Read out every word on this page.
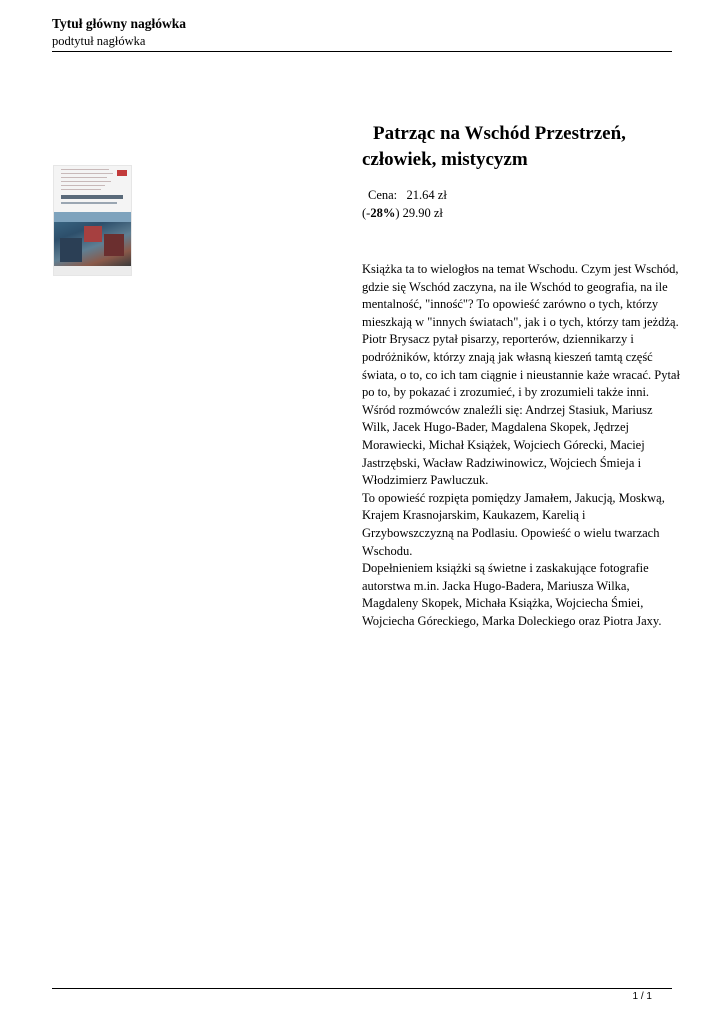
Tytuł główny nagłówka
podtytuł nagłówka
Patrząc na Wschód Przestrzeń,
człowiek, mistycyzm
Cena: 21.64 zł
(-28%) 29.90 zł

Książka ta to wielogłos na temat Wschodu. Czym jest Wschód, gdzie się Wschód zaczyna, na ile Wschód to geografia, na ile mentalność, "inność"? To opowieść zarówno o tych, którzy mieszkają w "innych światach", jak i o tych, którzy tam jeżdżą.

Piotr Brysacz pytał pisarzy, reporterów, dziennikarzy i podróżników, którzy znają jak własną kieszeń tamtą część świata, o to, co ich tam ciągnie i nieustannie każe wracać. Pytał po to, by pokazać i zrozumieć, i by zrozumieli także inni.

Wśród rozmówców znaleźli się: Andrzej Stasiuk, Mariusz Wilk, Jacek Hugo-Bader, Magdalena Skopek, Jędrzej Morawiecki, Michał Książek, Wojciech Górecki, Maciej Jastrzębski, Wacław Radziwinowicz, Wojciech Śmieja i Włodzimierz Pawluczuk.

To opowieść rozpięta pomiędzy Jamałem, Jakucją, Moskwą, Krajem Krasnojarskim, Kaukazem, Karelią i Grzybowszczyzną na Podlasiu. Opowieść o wielu twarzach Wschodu.

Dopełnieniem książki są świetne i zaskakujące fotografie autorstwa m.in. Jacka Hugo-Badera, Mariusza Wilka, Magdaleny Skopek, Michała Książka, Wojciecha Śmiei, Wojciecha Góreckiego, Marka Doleckiego oraz Piotra Jaxy.

1 / 1
